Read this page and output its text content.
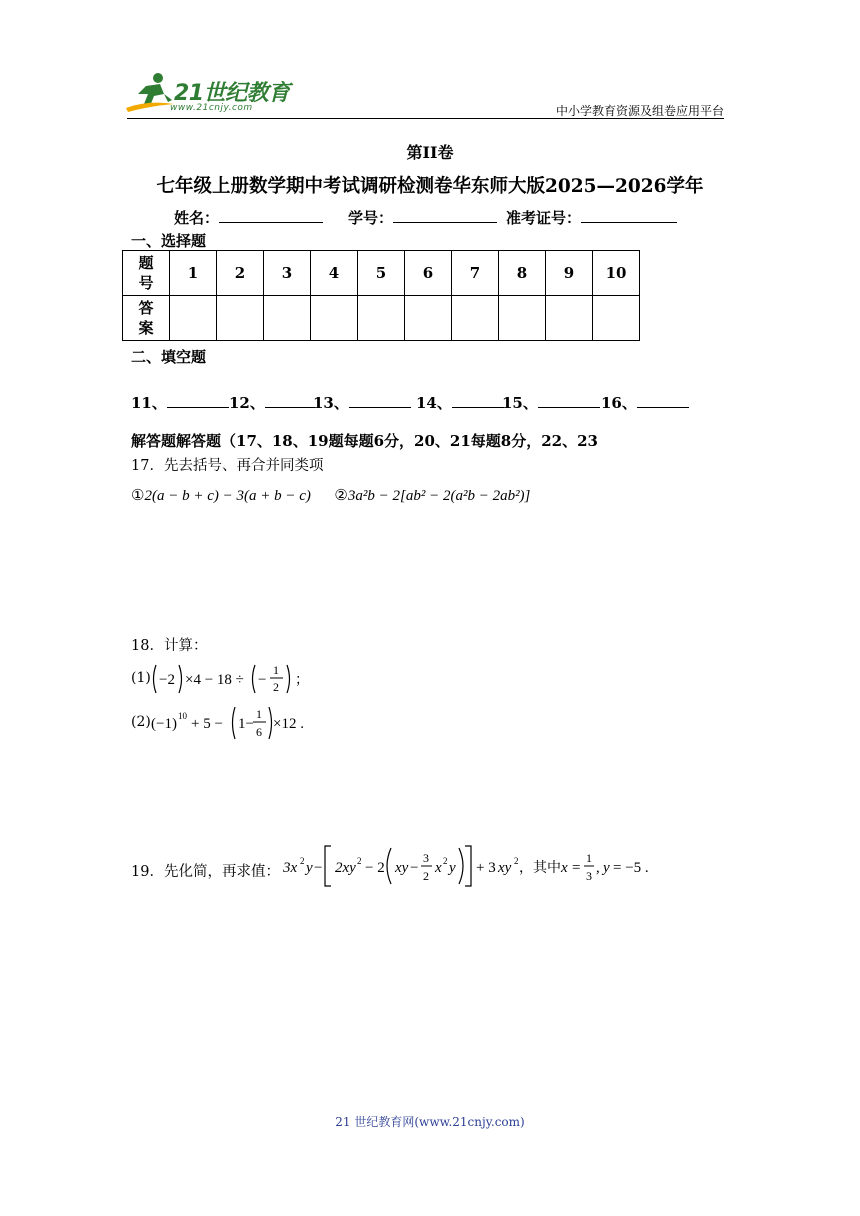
21世纪教育
www.21cnjy.com	中小学教育资源及组卷应用平台
第II卷
七年级上册数学期中考试调研检测卷华东师大版2025—2026学年
姓名：	学号：	准考证号：
一、选择题
题
号	1	2	3	4	5	6	7	8	9	10

答
案										

二、填空题
11、	12、	13、	14、	15、	16、
解答题解答题（17、18、19题每题6分，20、21每题8分，22、23
17．先去括号、再合并同类项
①2(a − b + c) − 3(a + b − c) ②3a²b − 2[ab² − 2(a²b − 2ab²)]
18．计算：
(1) −2 ×4 − 18 ÷ −
1
2 ；
(2) (−1) 10 + 5 − 1−
1
6 ×12 .
19．先化简，再求值： 3x 2 y − 2xy 2 − 2 xy −
3
2 x 2 y + 3 xy 2 ，其中 x =
1
3 , y = −5 .
21 世纪教育网(www.21cnjy.com)
